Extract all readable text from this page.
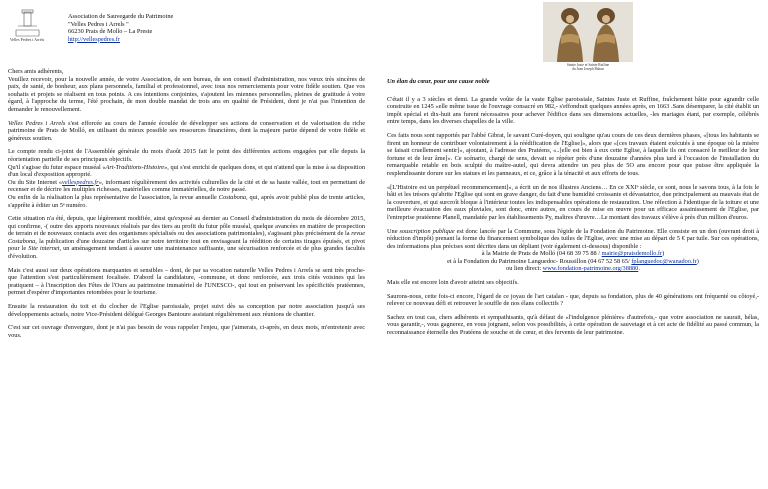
Velles Pedres i Arrels
Association de Sauvegarde du Patrimoine
"Velles Pedres i Arrels "
66230 Prats de Mollo – La Preste
http://vellespedres.fr
Sainte Juste et Sainte Ruffine
du Jean Joseph Bahun

Chers amis adhérents,

Veuillez recevoir, pour la nouvelle année, de votre Association, de son bureau, de son conseil d'administration, nos vœux très sincères de paix, de santé, de bonheur, aux plans personnels, familial et professionnel, avec tous nos remerciements pour votre fidèle soutien. Que vos souhaits et projets se réalisent en tous points. A ces intentions conjointes, s'ajoutent les miennes personnelles, pleines de gratitude à votre égard, à l'approche du terme, l'été prochain, de mon double mandat de trois ans en qualité de Président, dont je n'ai pas l'intention de demander le renouvellement.

Velles Pedres i Arrels s'est efforcée au cours de l'année écoulée de développer ses actions de conservation et de valorisation du riche patrimoine de Prats de Molló, en utilisant du mieux possible ses ressources financières, dont la majeure partie dépend de votre fidèle et généreux soutien.

Le compte rendu ci-joint de l'Assemblée générale du mois d'août 2015 fait le point des différentes actions engagées par elle depuis la réorientation partielle de ses principaux objectifs.
Qu'il s'agisse du futur espace muséal «Art-Traditions-Histoire», qui s'est enrichi de quelques dons, et qui n'attend que la mise à sa disposition d'un local d'exposition approprié.
Ou du Site Internet «vellespedres.fr», informant régulièrement des activités culturelles de la cité et de sa haute vallée, tout en permettant de recenser et de décrire les multiples richesses, matérielles comme immatérielles, de notre passé.
Ou enfin de la réalisation la plus représentative de l'association, la revue annuelle Costabona, qui, après avoir publié plus de trente articles, s'apprête à éditer un 5ᵉ numéro.

Cette situation n'a été, depuis, que légèrement modifiée, ainsi qu'exposé au dernier au Conseil d'administration du mois de décembre 2015, qui confirme, -( outre des apports nouveaux réalisés par des tiers au profit du futur pôle muséal, quelque avancées en matière de prospection de terrain et de nouveaux contacts avec des organismes spécialisés ou des associations patrimoniales), s'agissant plus précisément de la revue Costabona, la publication d'une douzaine d'articles sur notre territoire tout en envisageant la réédition de certains tirages épuisés, et pivot pour le Site internet, un aménagement tendant à assurer une maintenance suffisante, une sécurisation renforcée et de plus grandes facultés d'évolution.

Mais c'est aussi sur deux opérations marquantes et sensibles – dont, de par sa vocation naturelle Velles Pedres i Arrels se sent très proche- que l'attention s'est particulièrement focalisée. D'abord la candidature, -commune, et donc renforcée, aux trois cités voisines qui les pratiquent – à l'inscription des Fêtes de l'Ours au patrimoine immatériel de l'UNESCO-, qui tout en préservant les spécificités pratéennes, permet d'espérer d'importantes retombées pour le tourisme.

Ensuite la restauration du toit et du clocher de l'Eglise paroissiale, projet suivi dès sa conception par notre association jusqu'à ses développements actuels, notre Vice-Président délégué Georges Bantoure assistant régulièrement aux réunions de chantier.

C'est sur cet ouvrage d'envergure, dont je n'ai pas besoin de vous rappeler l'enjeu, que j'aimerais, ci-après, en deux mots, m'entretenir avec vous.

Un élan du cœur, pour une cause noble

C'était il y a 3 siècles et demi. La grande voûte de la vaste Eglise paroissiale, Saintes Juste et Ruffine, fraîchement bâtie pour agrandir celle construite en 1245 «elle même issue de l'ouvrage consacré en 982,- s'effondrait quelques années après, en 1663 .Sans désemparer, la cité établit un impôt spécial et dix-huit ans furent nécessaires pour achever l'édifice dans ses dimensions actuelles, -les mariages étant, par exemple, célébrés entre temps, dans les diverses chapelles de la ville.

Ces faits nous sont rapportés par l'abbé Gibrat, le savant Curé-doyen, qui souligne qu'au cours de ces deux dernières phases, «[tous les habitants se firent un honneur de contribuer volontairement à la réédification de l'Eglise]», alors que «[ces travaux étaient exécutés à une époque où la misère se faisait cruellement sentir]», ajoutant, à l'adresse des Pratéens, «..[elle est bien à eux cette Eglise, à laquelle ils ont consacré le meilleur de leur fortune et de leur âme]». Ce scénario, chargé de sens, devait se répéter près d'une douzaine d'années plus tard à l'occasion de l'installation du remarquable retable en bois sculpté du maître-autel, qui devra attendre un peu plus de 5O ans encore pour que puisse être appliquée la resplendissante dorure sur les statues et les panneaux, et ce, grâce à la ténacité et aux efforts de tous.

«[L'Histoire est un perpétuel recommencement]», a écrit un de nos illustres Anciens… En ce XXIᵉ siècle, ce sont, nous le savons tous, à la fois le bâti et les trésors qu'abrite l'Eglise qui sont en grave danger, du fait d'une humidité croissante et dévastatrice, due principalement au mauvais état de la couverture, et qui surcroît bloque à l'intérieur toutes les indispensables opérations de restauration. Une réfection à l'identique de la toiture et une meilleure évacuation des eaux pluviales, sont donc, entre autres, en cours de mise en œuvre pour un efficace assainissement de l'Eglise, par l'entreprise pratéenne Planell, mandatée par les établissements Py, maîtres d'œuvre…Le montant des travaux s'élève à près d'un million d'euros.

Une souscription publique est donc lancée par la Commune, sous l'égide de la Fondation du Patrimoine. Elle consiste en un don (ouvrant droit à réduction d'impôt) prenant la forme du financement symbolique des tuiles de l'Eglise, avec une mise au départ de 5 € par tuile. Sur ces opérations, des informations plus précises sont décrites dans un dépliant (voir également ci-dessous) disponible :

à la Mairie de Prats de Molló (04 68 39 75 88 / mairie@pratsdemollo.fr)

et à la Fondation du Patrimoine Languedoc- Roussillon (04 67 52 58 65/ fplanguedoc@wanadoo.fr)

ou lien direct: www.fondation-patrimoine.org/38880.

Mais elle est encore loin d'avoir atteint ses objectifs.

Saurons-nous, cette fois-ci encore, l'égard de ce joyau de l'art catalan - que, depuis sa fondation, plus de 40 générations ont fréquenté ou côtoyé,- relever ce nouveau défi et retrouver le souffle de nos élans collectifs ?

Sachez en tout cas, chers adhérents et sympathisants, qu'à défaut de «l'indulgence plénière» d'autrefois,- que votre association ne saurait, hélas, vous garantir,-, vous gagnerez, en vous joignant, selon vos possibilités, à cette opération de sauvetage et à cet acte de fidélité au passé commun, la reconnaissance éternelle des Pratéens de souche et de cœur, et des fervents de leur patrimoine.
